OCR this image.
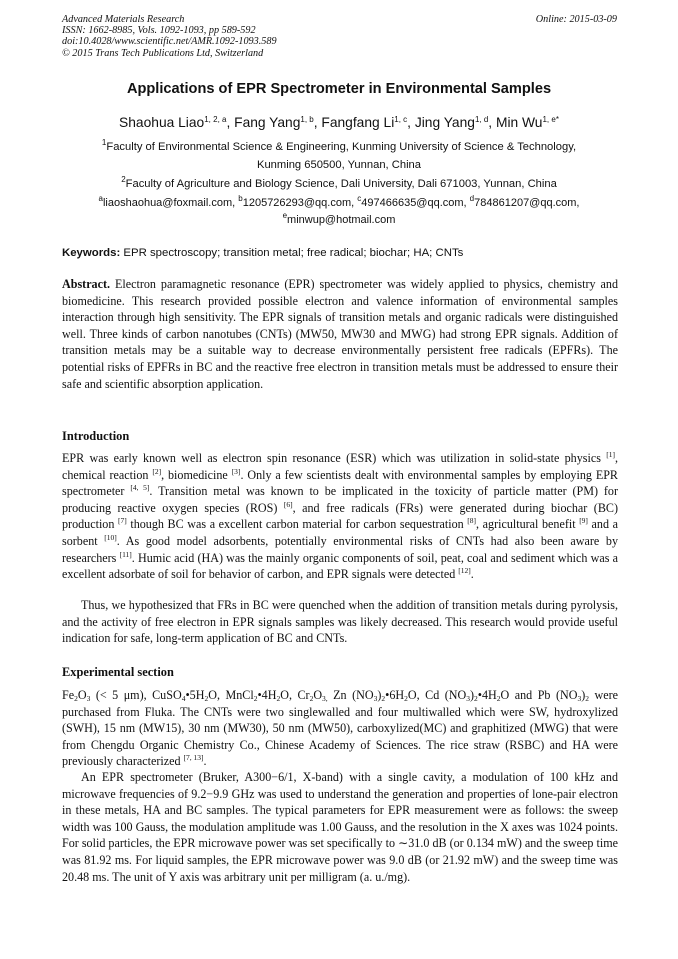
Advanced Materials Research
ISSN: 1662-8985, Vols. 1092-1093, pp 589-592
doi:10.4028/www.scientific.net/AMR.1092-1093.589
© 2015 Trans Tech Publications Ltd, Switzerland
Online: 2015-03-09
Applications of EPR Spectrometer in Environmental Samples
Shaohua Liao$^{1, 2, a}$, Fang Yang$^{1, b}$, Fangfang Li$^{1, c}$, Jing Yang$^{1, d}$, Min $Wu^{1, e*}$
$^1$Faculty of Environmental Science & Engineering, Kunming University of Science & Technology,
Kunming 650500, Yunnan, China
$^2$Faculty of Agriculture and Biology Science, Dali University, Dali 671003, Yunnan, China
$^a$liaoshaohua@foxmail.com, $^b$1205726293@qq.com, $^c$497466635@qq.com, $^d$784861207@qq.com,
$^e$minwup@hotmail.com
Keywords: EPR spectroscopy; transition metal; free radical; biochar; HA; CNTs

Abstract. Electron paramagnetic resonance (EPR) spectrometer was widely applied to physics, chemistry and biomedicine. This research provided possible electron and valence information of environmental samples interaction through high sensitivity. The EPR signals of transition metals and organic radicals were distinguished well. Three kinds of carbon nanotubes (CNTs) (MW50, MW30 and MWG) had strong EPR signals. Addition of transition metals may be a suitable way to decrease environmentally persistent free radicals (EPFRs). The potential risks of EPFRs in BC and the reactive free electron in transition metals must be addressed to ensure their safe and scientific absorption application.

Introduction

EPR was early known well as electron spin resonance (ESR) which was utilization in solid-state physics [1], chemical reaction [2], biomedicine [3]. Only a few scientists dealt with environmental samples by employing EPR spectrometer [4, 5]. Transition metal was known to be implicated in the toxicity of particle matter (PM) for producing reactive oxygen species (ROS) [6], and free radicals (FRs) were generated during biochar (BC) production [7] though BC was a excellent carbon material for carbon sequestration [8], agricultural benefit [9] and a sorbent [10]. As good model adsorbents, potentially environmental risks of CNTs had also been aware by researchers [11]. Humic acid (HA) was the mainly organic components of soil, peat, coal and sediment which was a excellent adsorbate of soil for behavior of carbon, and EPR signals were detected [12].

Thus, we hypothesized that FRs in BC were quenched when the addition of transition metals during pyrolysis, and the activity of free electron in EPR signals samples was likely decreased. This research would provide useful indication for safe, long-term application of BC and CNTs.

Experimental section

$Fe_2O_3$ (< 5 μm), $CuSO_4•5H_2O$, $MnCl_2•4H_2O$, $Cr_2O_{3,}$ Zn $(NO_3)_2•6H_2O$, Cd $(NO_3)_2•4H_2O$ and Pb $(NO_3)_2$ were purchased from Fluka. The CNTs were two singlewalled and four multiwalled which were SW, hydroxylized (SWH), 15 nm (MW15), 30 nm (MW30), 50 nm (MW50), carboxylized(MC) and graphitized (MWG) that were from Chengdu Organic Chemistry Co., Chinese Academy of Sciences. The rice straw (RSBC) and HA were previously characterized [7, 13].

An EPR spectrometer (Bruker, A300−6/1, X-band) with a single cavity, a modulation of 100 kHz and microwave frequencies of 9.2−9.9 GHz was used to understand the generation and properties of lone-pair electron in these metals, HA and BC samples. The typical parameters for EPR measurement were as follows: the sweep width was 100 Gauss, the modulation amplitude was 1.00 Gauss, and the resolution in the X axes was 1024 points. For solid particles, the EPR microwave power was set specifically to ∼31.0 dB (or 0.134 mW) and the sweep time was 81.92 ms. For liquid samples, the EPR microwave power was 9.0 dB (or 21.92 mW) and the sweep time was 20.48 ms. The unit of Y axis was arbitrary unit per milligram (a. u./mg).
